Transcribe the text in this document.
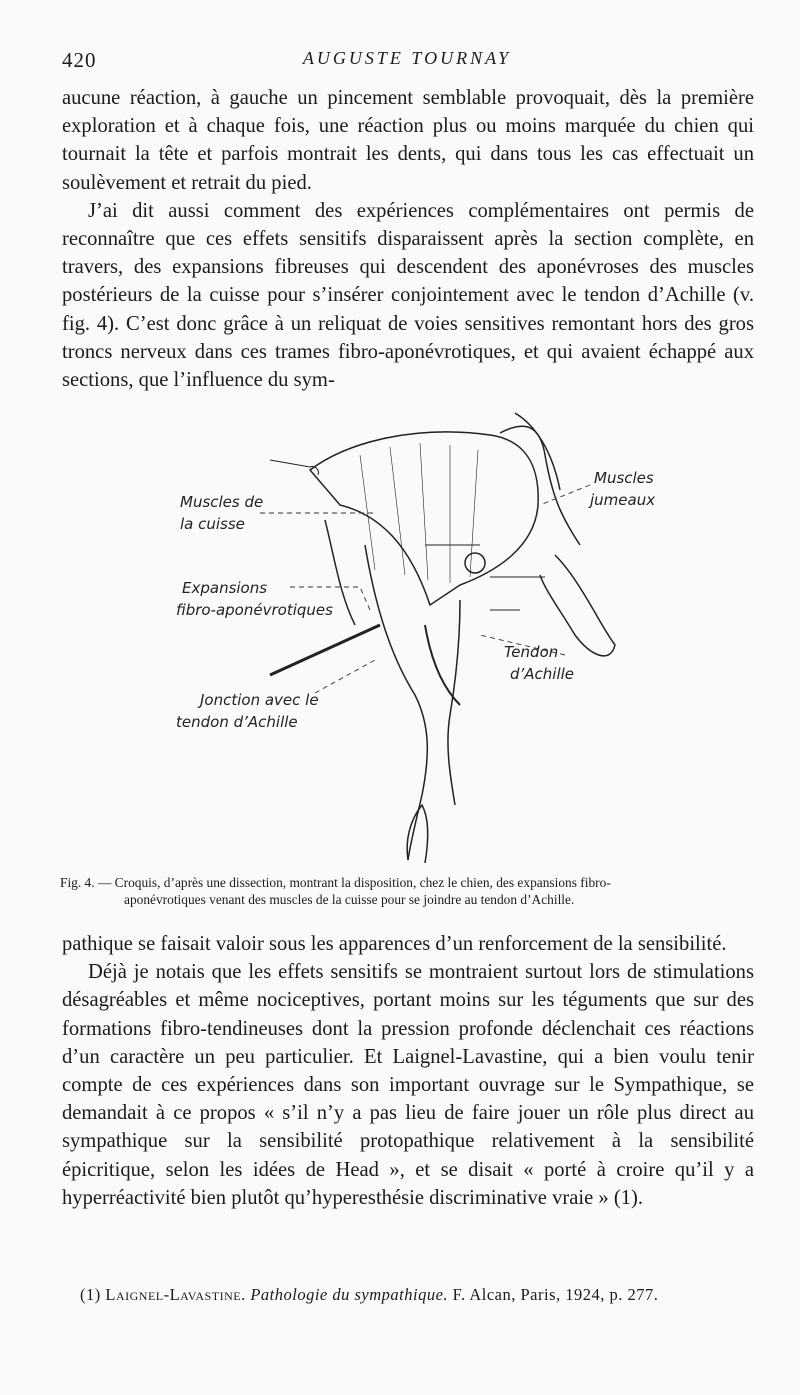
420	AUGUSTE TOURNAY

aucune réaction, à gauche un pincement semblable provoquait, dès la première exploration et à chaque fois, une réaction plus ou moins marquée du chien qui tournait la tête et parfois montrait les dents, qui dans tous les cas effectuait un soulèvement et retrait du pied.

J’ai dit aussi comment des expériences complémentaires ont permis de reconnaître que ces effets sensitifs disparaissent après la section complète, en travers, des expansions fibreuses qui descendent des aponévroses des muscles postérieurs de la cuisse pour s’insérer conjointement avec le tendon d’Achille (v. fig. 4). C’est donc grâce à un reliquat de voies sensitives remontant hors des gros troncs nerveux dans ces trames fibro-aponévrotiques, et qui avaient échappé aux sections, que l’influence du sym-

Muscles de
la cuisse
Expansions
fibro-aponévrotiques
Jonction avec le
tendon d’Achille
Muscles
jumeaux
Tendon
d’Achille
Fig. 4. — Croquis, d’après une dissection, montrant la disposition, chez le chien, des expansions fibro-
aponévrotiques venant des muscles de la cuisse pour se joindre au tendon d’Achille.

pathique se faisait valoir sous les apparences d’un renforcement de la sensibilité.

Déjà je notais que les effets sensitifs se montraient surtout lors de stimulations désagréables et même nociceptives, portant moins sur les téguments que sur des formations fibro-tendineuses dont la pression profonde déclenchait ces réactions d’un caractère un peu particulier. Et Laignel-Lavastine, qui a bien voulu tenir compte de ces expériences dans son important ouvrage sur le Sympathique, se demandait à ce propos « s’il n’y a pas lieu de faire jouer un rôle plus direct au sympathique sur la sensibilité protopathique relativement à la sensibilité épicritique, selon les idées de Head », et se disait « porté à croire qu’il y a hyperréactivité bien plutôt qu’hyperesthésie discriminative vraie » (1).

(1) Laignel-Lavastine. Pathologie du sympathique. F. Alcan, Paris, 1924, p. 277.
